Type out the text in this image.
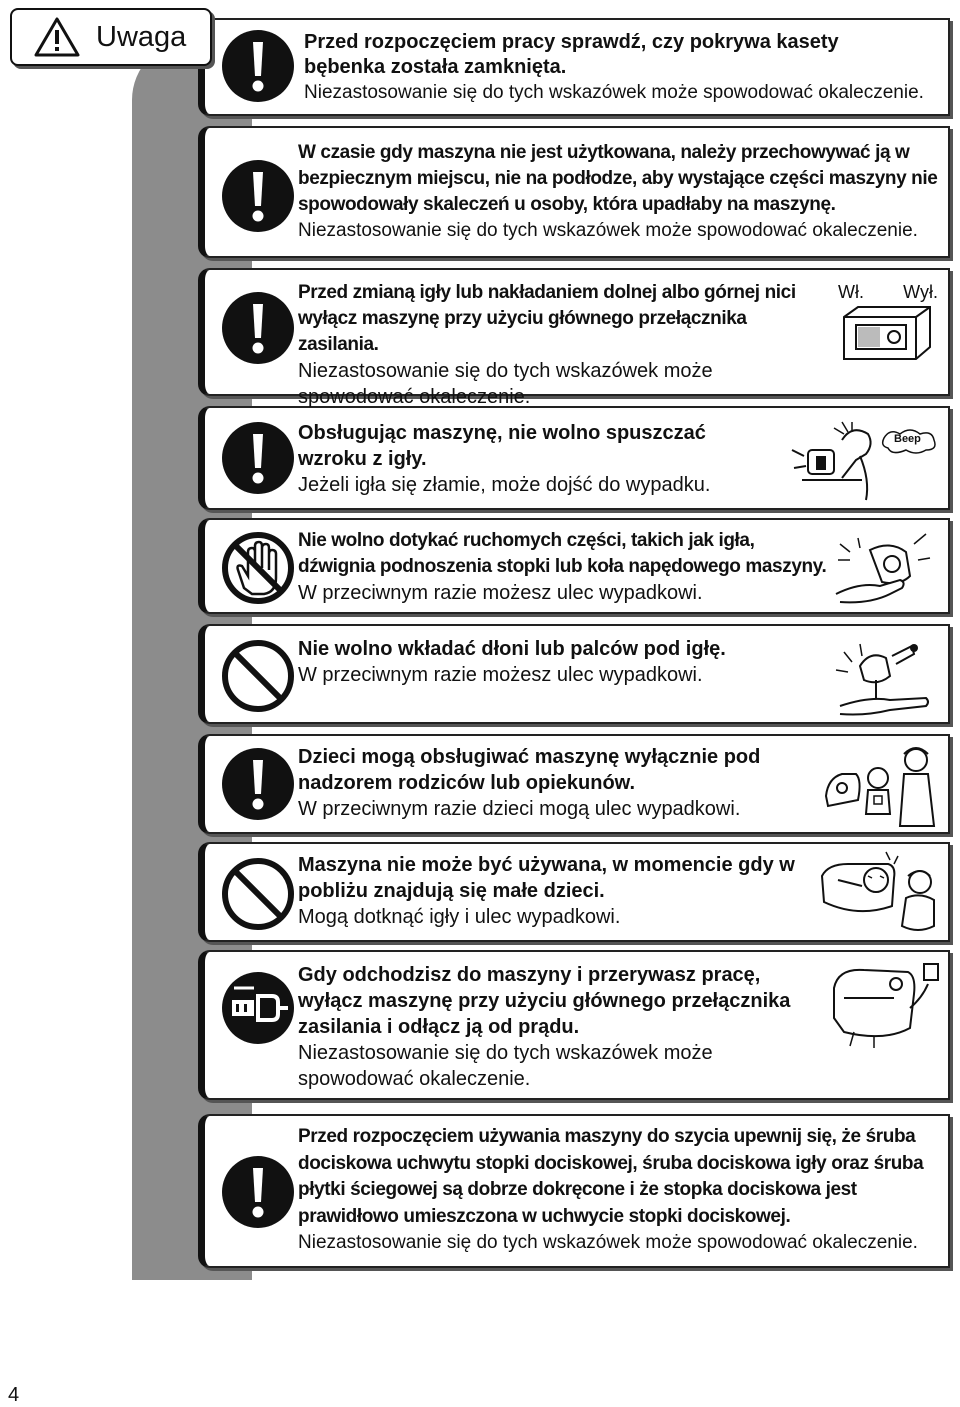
Uwaga	Przed rozpoczęciem pracy sprawdź, czy pokrywa kasety bębenka została zamknięta.
Niezastosowanie się do tych wskazówek może spowodować okaleczenie.
W czasie gdy maszyna nie jest użytkowana, należy przechowywać ją w bezpiecznym miejscu, nie na podłodze, aby wystające części maszyny nie spowodowały skaleczeń u osoby, która upadłaby na maszynę.
Niezastosowanie się do tych wskazówek może spowodować okaleczenie.
Przed zmianą igły lub nakładaniem dolnej albo górnej nici wyłącz maszynę przy użyciu głównego przełącznika zasilania.
Niezastosowanie się do tych wskazówek może spowodować okaleczenie.
Wł. Wył.
Obsługując maszynę, nie wolno spuszczać wzroku z igły.
Jeżeli igła się złamie, może dojść do wypadku.
Beep
Nie wolno dotykać ruchomych części, takich jak igła, dźwignia podnoszenia stopki lub koła napędowego maszyny.
W przeciwnym razie możesz ulec wypadkowi.
Nie wolno wkładać dłoni lub palców pod igłę.
W przeciwnym razie możesz ulec wypadkowi.
Dzieci mogą obsługiwać maszynę wyłącznie pod nadzorem rodziców lub opiekunów.
W przeciwnym razie dzieci mogą ulec wypadkowi.
Maszyna nie może być używana, w momencie gdy w pobliżu znajdują się małe dzieci.
Mogą dotknąć igły i ulec wypadkowi.
Gdy odchodzisz do maszyny i przerywasz pracę, wyłącz maszynę przy użyciu głównego przełącznika zasilania i odłącz ją od prądu.
Niezastosowanie się do tych wskazówek może spowodować okaleczenie.
Przed rozpoczęciem używania maszyny do szycia upewnij się, że śruba dociskowa uchwytu stopki dociskowej, śruba dociskowa igły oraz śruba płytki ściegowej są dobrze dokręcone i że stopka dociskowa jest prawidłowo umieszczona w uchwycie stopki dociskowej.
Niezastosowanie się do tych wskazówek może spowodować okaleczenie.
4
